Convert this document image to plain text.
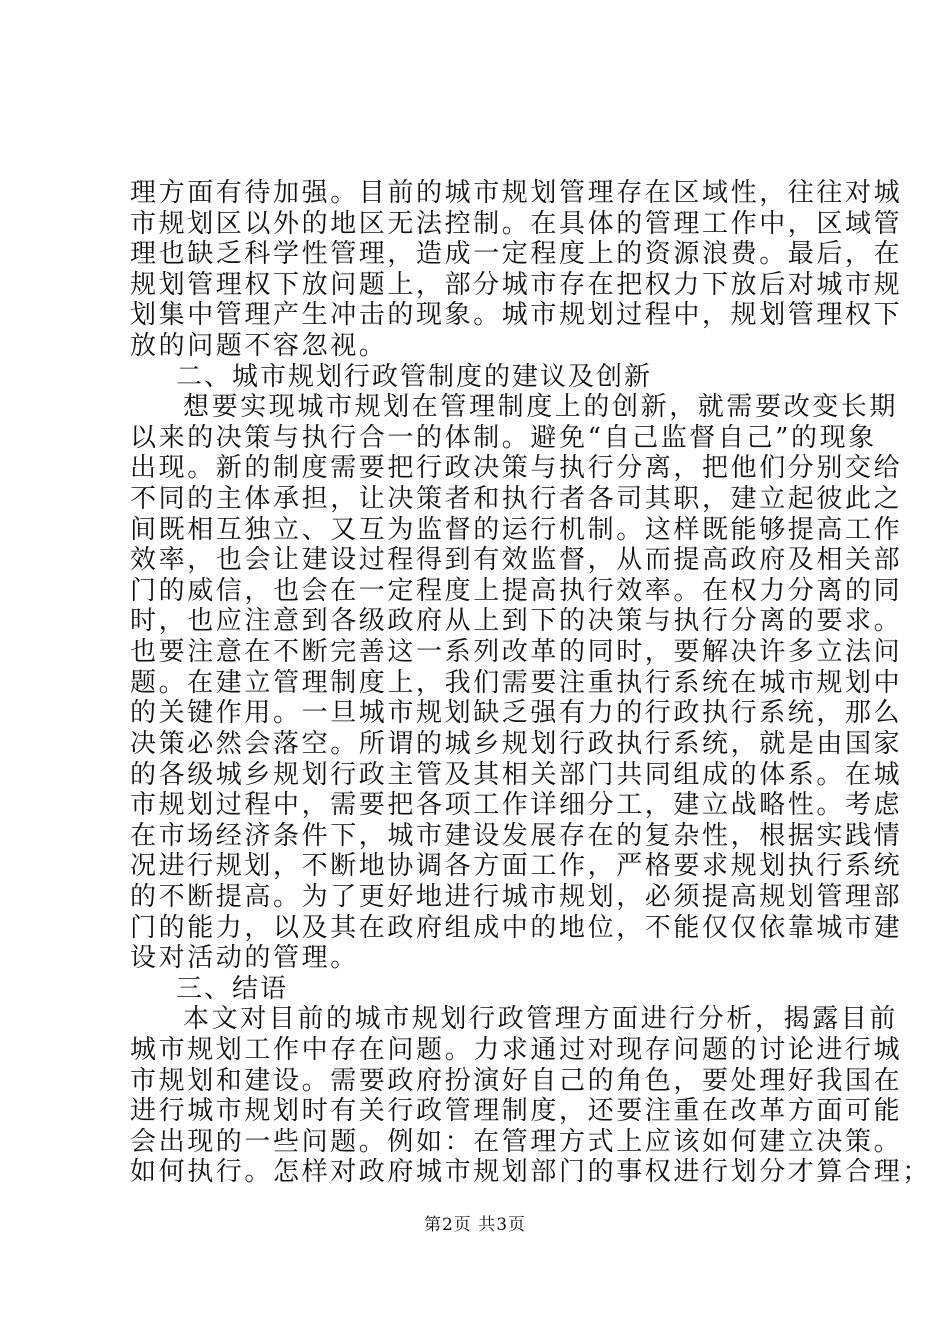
理方面有待加强。目前的城市规划管理存在区域性，往往对城
市规划区以外的地区无法控制。在具体的管理工作中，区域管
理也缺乏科学性管理，造成一定程度上的资源浪费。最后，在
规划管理权下放问题上，部分城市存在把权力下放后对城市规
划集中管理产生冲击的现象。城市规划过程中，规划管理权下
放的问题不容忽视。
二、城市规划行政管制度的建议及创新
想要实现城市规划在管理制度上的创新，就需要改变长期
以来的决策与执行合一的体制。避免“自己监督自己”的现象
出现。新的制度需要把行政决策与执行分离，把他们分别交给
不同的主体承担，让决策者和执行者各司其职，建立起彼此之
间既相互独立、又互为监督的运行机制。这样既能够提高工作
效率，也会让建设过程得到有效监督，从而提高政府及相关部
门的威信，也会在一定程度上提高执行效率。在权力分离的同
时，也应注意到各级政府从上到下的决策与执行分离的要求。
也要注意在不断完善这一系列改革的同时，要解决许多立法问
题。在建立管理制度上，我们需要注重执行系统在城市规划中
的关键作用。一旦城市规划缺乏强有力的行政执行系统，那么
决策必然会落空。所谓的城乡规划行政执行系统，就是由国家
的各级城乡规划行政主管及其相关部门共同组成的体系。在城
市规划过程中，需要把各项工作详细分工，建立战略性。考虑
在市场经济条件下，城市建设发展存在的复杂性，根据实践情
况进行规划，不断地协调各方面工作，严格要求规划执行系统
的不断提高。为了更好地进行城市规划，必须提高规划管理部
门的能力，以及其在政府组成中的地位，不能仅仅依靠城市建
设对活动的管理。
三、结语
本文对目前的城市规划行政管理方面进行分析，揭露目前
城市规划工作中存在问题。力求通过对现存问题的讨论进行城
市规划和建设。需要政府扮演好自己的角色，要处理好我国在
进行城市规划时有关行政管理制度，还要注重在改革方面可能
会出现的一些问题。例如：在管理方式上应该如何建立决策。
如何执行。怎样对政府城市规划部门的事权进行划分才算合理；
第2页 共3页
